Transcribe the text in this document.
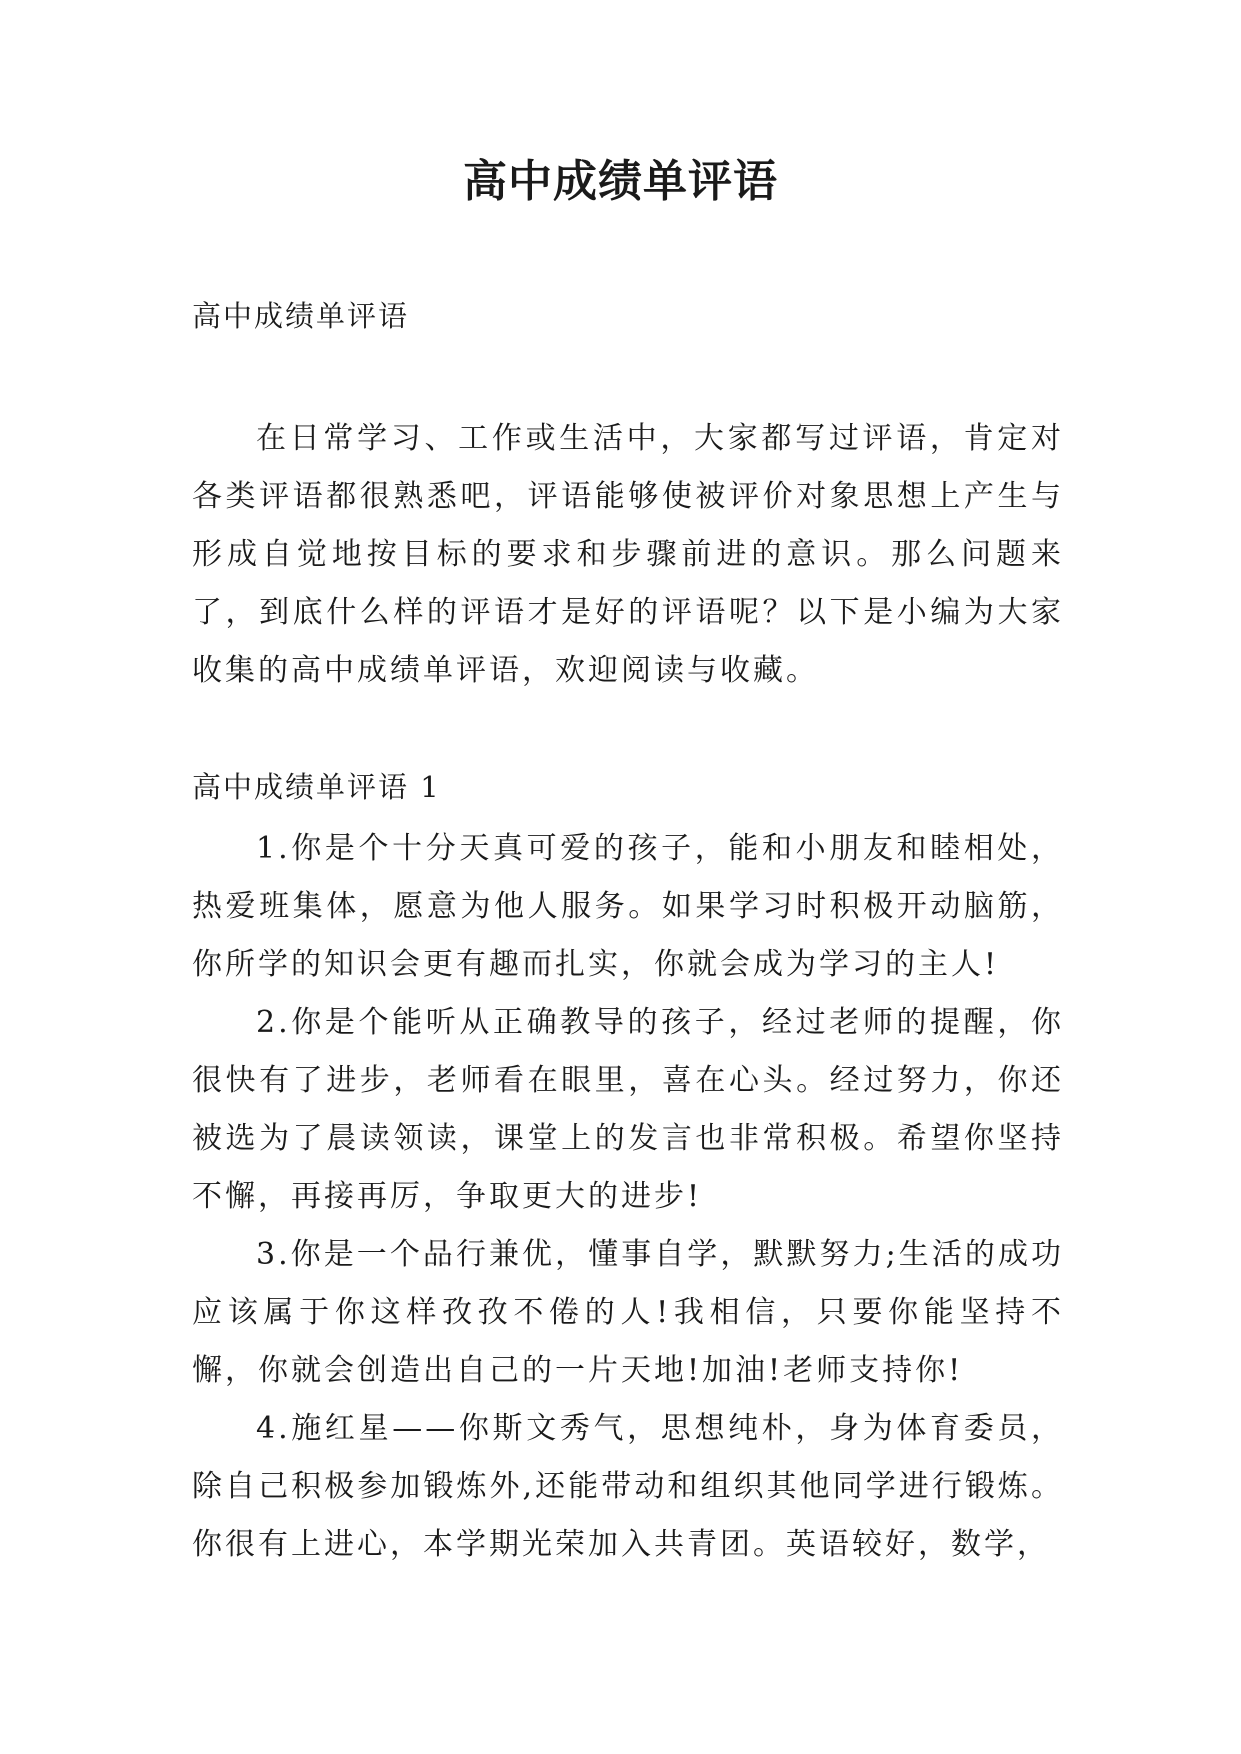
高中成绩单评语
高中成绩单评语

在日常学习、工作或生活中，大家都写过评语，肯定对各类评语都很熟悉吧，评语能够使被评价对象思想上产生与形成自觉地按目标的要求和步骤前进的意识。那么问题来了，到底什么样的评语才是好的评语呢？以下是小编为大家收集的高中成绩单评语，欢迎阅读与收藏。

高中成绩单评语 1

1.你是个十分天真可爱的孩子，能和小朋友和睦相处，热爱班集体，愿意为他人服务。如果学习时积极开动脑筋，你所学的知识会更有趣而扎实，你就会成为学习的主人!

2.你是个能听从正确教导的孩子，经过老师的提醒，你很快有了进步，老师看在眼里，喜在心头。经过努力，你还被选为了晨读领读，课堂上的发言也非常积极。希望你坚持不懈，再接再厉，争取更大的进步!

3.你是一个品行兼优，懂事自学，默默努力;生活的成功应该属于你这样孜孜不倦的人!我相信，只要你能坚持不懈，你就会创造出自己的一片天地!加油!老师支持你!

4.施红星——你斯文秀气，思想纯朴，身为体育委员，除自己积极参加锻炼外,还能带动和组织其他同学进行锻炼。你很有上进心，本学期光荣加入共青团。英语较好，数学，
